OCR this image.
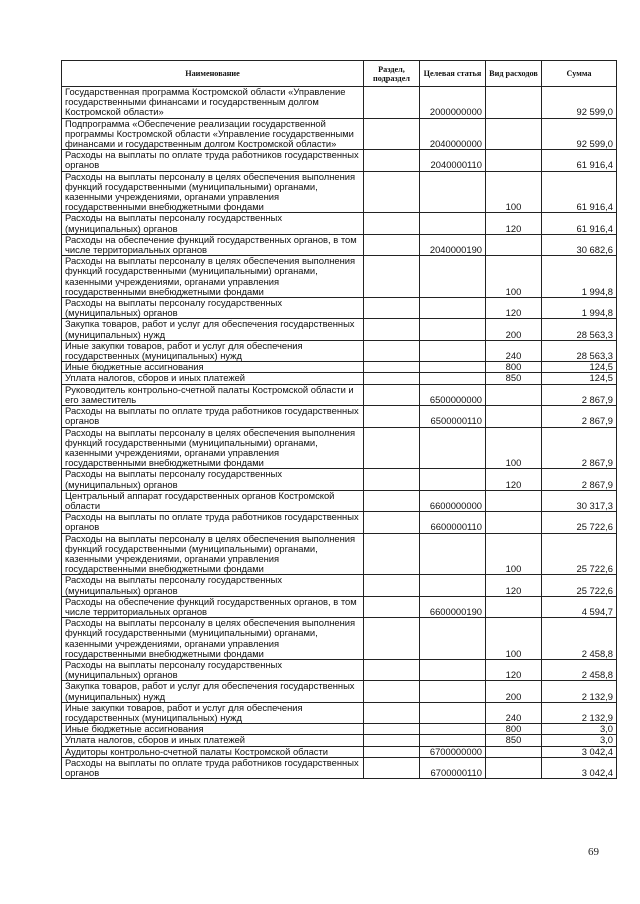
Наименование	Раздел, подраздел	Целевая статья	Вид расходов	Сумма
Государственная программа Костромской области «Управление государственными финансами и государственным долгом Костромской области»		2000000000		92 599,0
Подпрограмма «Обеспечение реализации государственной программы Костромской области «Управление государственными финансами и государственным долгом Костромской области»		2040000000		92 599,0
Расходы на выплаты по оплате труда работников государственных органов		2040000110		61 916,4
Расходы на выплаты персоналу в целях обеспечения выполнения функций государственными (муниципальными) органами, казенными учреждениями, органами управления государственными внебюджетными фондами			100	61 916,4
Расходы на выплаты персоналу государственных (муниципальных) органов			120	61 916,4
Расходы на обеспечение функций государственных органов, в том числе территориальных органов		2040000190		30 682,6
Расходы на выплаты персоналу в целях обеспечения выполнения функций государственными (муниципальными) органами, казенными учреждениями, органами управления государственными внебюджетными фондами			100	1 994,8
Расходы на выплаты персоналу государственных (муниципальных) органов			120	1 994,8
Закупка товаров, работ и услуг для обеспечения государственных (муниципальных) нужд			200	28 563,3
Иные закупки товаров, работ и услуг для обеспечения государственных (муниципальных) нужд			240	28 563,3
Иные бюджетные ассигнования			800	124,5
Уплата налогов, сборов и иных платежей			850	124,5
Руководитель контрольно-счетной палаты Костромской области и его заместитель		6500000000		2 867,9
Расходы на выплаты по оплате труда работников государственных органов		6500000110		2 867,9
Расходы на выплаты персоналу в целях обеспечения выполнения функций государственными (муниципальными) органами, казенными учреждениями, органами управления государственными внебюджетными фондами			100	2 867,9
Расходы на выплаты персоналу государственных (муниципальных) органов			120	2 867,9
Центральный аппарат государственных органов Костромской области		6600000000		30 317,3
Расходы на выплаты по оплате труда работников государственных органов		6600000110		25 722,6
Расходы на выплаты персоналу в целях обеспечения выполнения функций государственными (муниципальными) органами, казенными учреждениями, органами управления государственными внебюджетными фондами			100	25 722,6
Расходы на выплаты персоналу государственных (муниципальных) органов			120	25 722,6
Расходы на обеспечение функций государственных органов, в том числе территориальных органов		6600000190		4 594,7
Расходы на выплаты персоналу в целях обеспечения выполнения функций государственными (муниципальными) органами, казенными учреждениями, органами управления государственными внебюджетными фондами			100	2 458,8
Расходы на выплаты персоналу государственных (муниципальных) органов			120	2 458,8
Закупка товаров, работ и услуг для обеспечения государственных (муниципальных) нужд			200	2 132,9
Иные закупки товаров, работ и услуг для обеспечения государственных (муниципальных) нужд			240	2 132,9
Иные бюджетные ассигнования			800	3,0
Уплата налогов, сборов и иных платежей			850	3,0
Аудиторы контрольно-счетной палаты Костромской области		6700000000		3 042,4
Расходы на выплаты по оплате труда работников государственных органов		6700000110		3 042,4
69
